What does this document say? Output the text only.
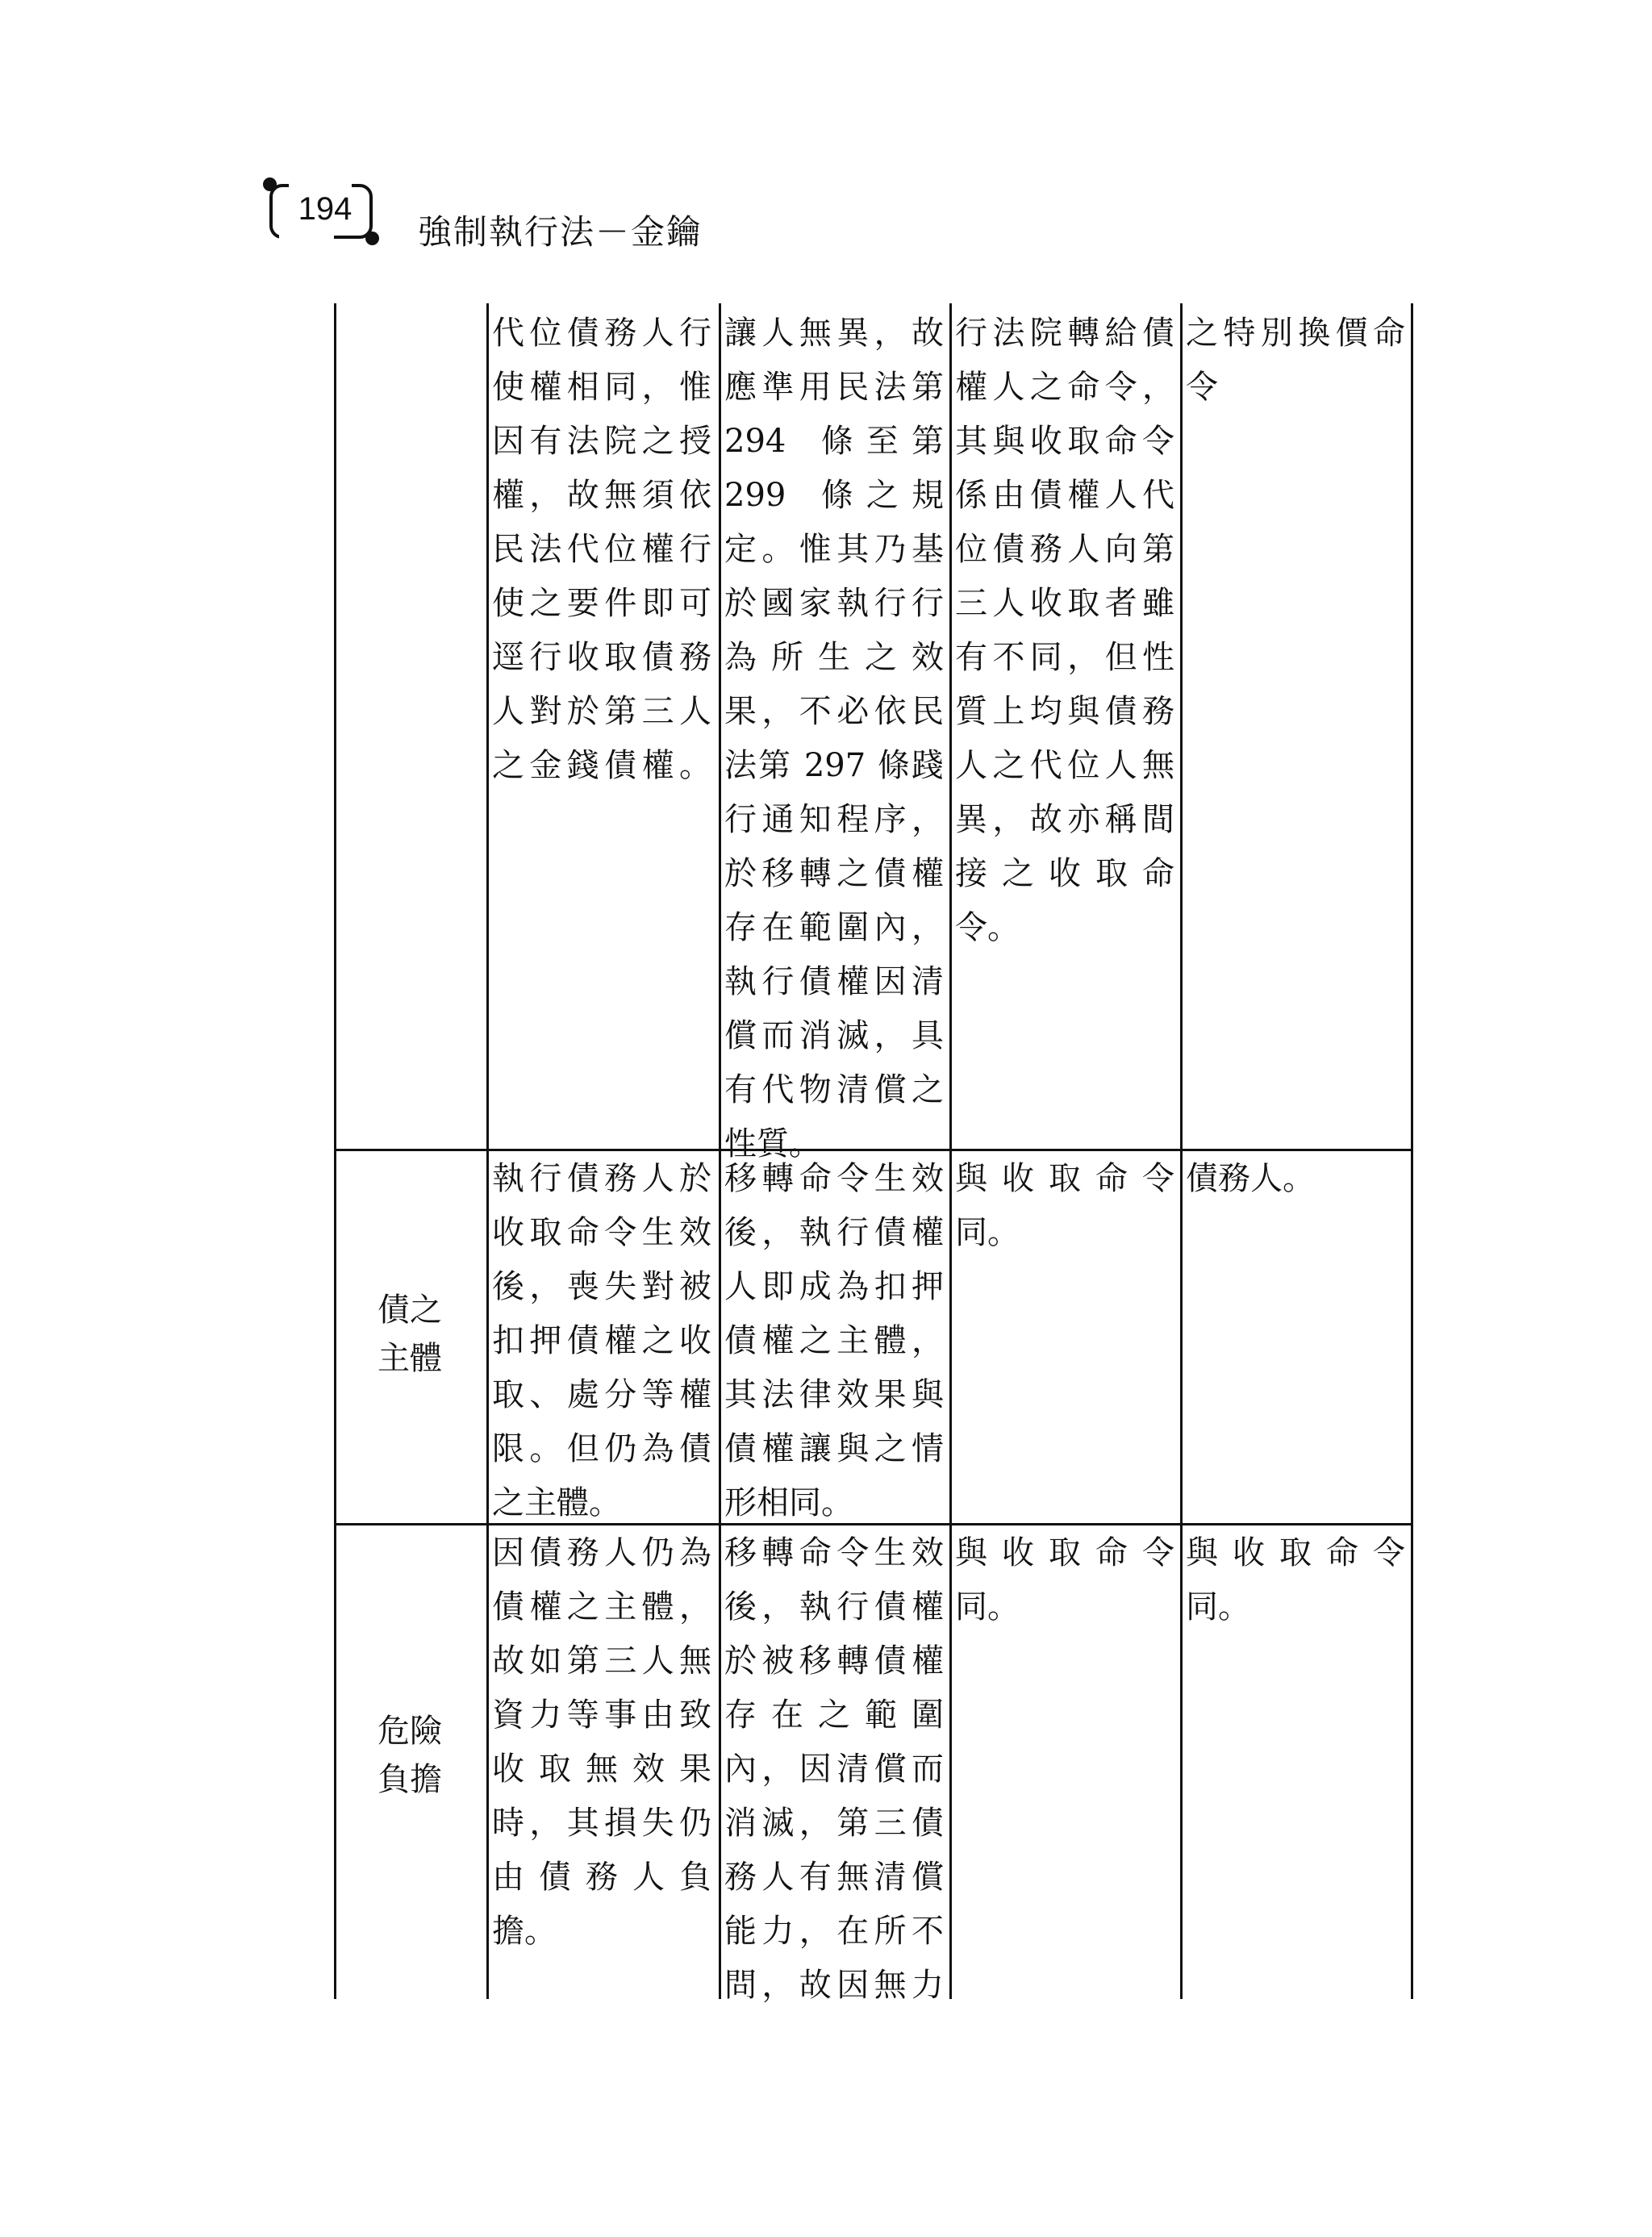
194
強制執行法－金鑰
代位債務人行
使權相同，惟
因有法院之授
權，故無須依
民法代位權行
使之要件即可
逕行收取債務
人對於第三人
之金錢債權。
讓人無異，故
應準用民法第
294　條 至 第
299　條 之 規
定。惟其乃基
於國家執行行
為 所 生 之 效
果，不必依民
法第 297 條踐
行通知程序，
於移轉之債權
存在範圍內，
執行債權因清
償而消滅，具
有代物清償之
性質。
行法院轉給債
權人之命令，
其與收取命令
係由債權人代
位債務人向第
三人收取者雖
有不同，但性
質上均與債務
人之代位人無
異，故亦稱間
接 之 收 取 命
令。
之特別換價命
令
債之
主體
執行債務人於
收取命令生效
後，喪失對被
扣押債權之收
取、處分等權
限。但仍為債
之主體。
移轉命令生效
後，執行債權
人即成為扣押
債權之主體，
其法律效果與
債權讓與之情
形相同。
與 收 取 命 令
同。
債務人。
危險
負擔
因債務人仍為
債權之主體，
故如第三人無
資力等事由致
收 取 無 效 果
時，其損失仍
由 債 務 人 負
擔。
移轉命令生效
後，執行債權
於被移轉債權
存 在 之 範 圍
內，因清償而
消滅，第三債
務人有無清償
能力，在所不
問，故因無力
與 收 取 命 令
同。
與 收 取 命 令
同。
